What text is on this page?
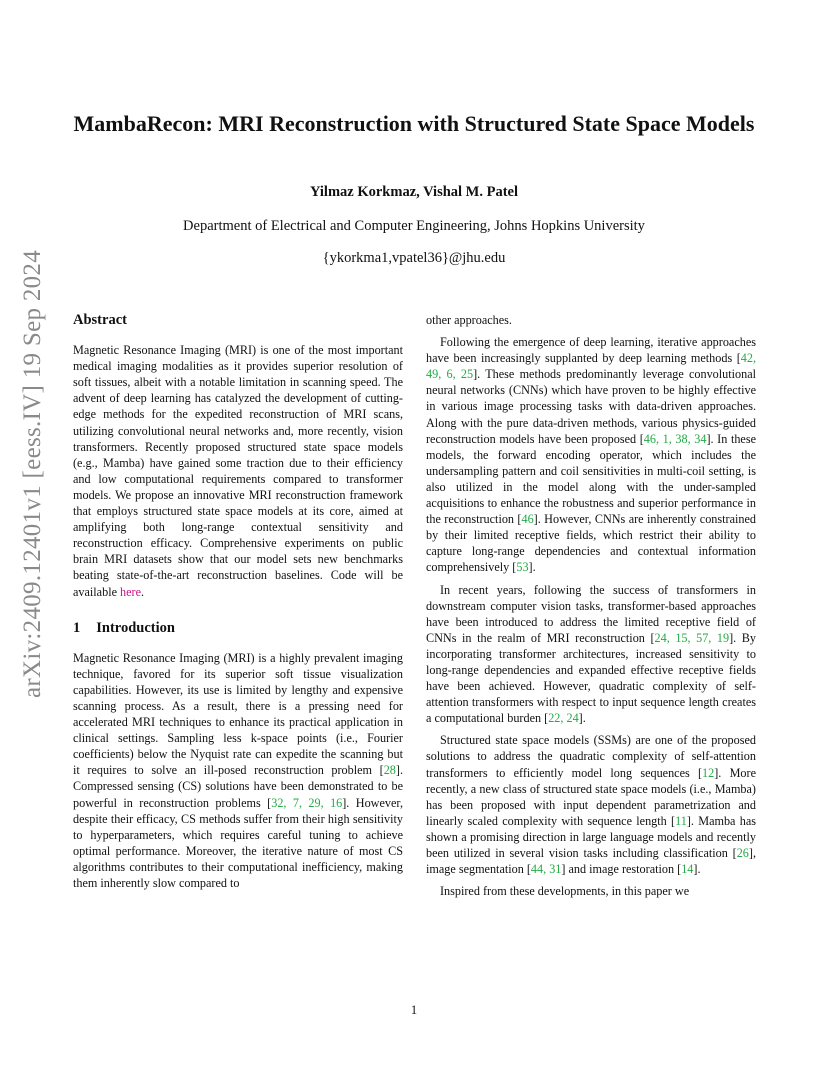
arXiv:2409.12401v1 [eess.IV] 19 Sep 2024
MambaRecon: MRI Reconstruction with Structured State Space Models
Yilmaz Korkmaz, Vishal M. Patel
Department of Electrical and Computer Engineering, Johns Hopkins University
{ykorkma1,vpatel36}@jhu.edu
Abstract

Magnetic Resonance Imaging (MRI) is one of the most important medical imaging modalities as it provides superior resolution of soft tissues, albeit with a notable limitation in scanning speed. The advent of deep learning has catalyzed the development of cutting-edge methods for the expedited reconstruction of MRI scans, utilizing convolutional neural networks and, more recently, vision transformers. Recently proposed structured state space models (e.g., Mamba) have gained some traction due to their efficiency and low computational requirements compared to transformer models. We propose an innovative MRI reconstruction framework that employs structured state space models at its core, aimed at amplifying both long-range contextual sensitivity and reconstruction efficacy. Comprehensive experiments on public brain MRI datasets show that our model sets new benchmarks beating state-of-the-art reconstruction baselines. Code will be available here.

1 Introduction

Magnetic Resonance Imaging (MRI) is a highly prevalent imaging technique, favored for its superior soft tissue visualization capabilities. However, its use is limited by lengthy and expensive scanning process. As a result, there is a pressing need for accelerated MRI techniques to enhance its practical application in clinical settings. Sampling less k-space points (i.e., Fourier coefficients) below the Nyquist rate can expedite the scanning but it requires to solve an ill-posed reconstruction problem [28]. Compressed sensing (CS) solutions have been demonstrated to be powerful in reconstruction problems [32, 7, 29, 16]. However, despite their efficacy, CS methods suffer from their high sensitivity to hyperparameters, which requires careful tuning to achieve optimal performance. Moreover, the iterative nature of most CS algorithms contributes to their computational inefficiency, making them inherently slow compared to

other approaches.

Following the emergence of deep learning, iterative approaches have been increasingly supplanted by deep learning methods [42, 49, 6, 25]. These methods predominantly leverage convolutional neural networks (CNNs) which have proven to be highly effective in various image processing tasks with data-driven approaches. Along with the pure data-driven methods, various physics-guided reconstruction models have been proposed [46, 1, 38, 34]. In these models, the forward encoding operator, which includes the undersampling pattern and coil sensitivities in multi-coil setting, is also utilized in the model along with the under-sampled acquisitions to enhance the robustness and superior performance in the reconstruction [46]. However, CNNs are inherently constrained by their limited receptive fields, which restrict their ability to capture long-range dependencies and contextual information comprehensively [53].

In recent years, following the success of transformers in downstream computer vision tasks, transformer-based approaches have been introduced to address the limited receptive field of CNNs in the realm of MRI reconstruction [24, 15, 57, 19]. By incorporating transformer architectures, increased sensitivity to long-range dependencies and expanded effective receptive fields have been achieved. However, quadratic complexity of self-attention transformers with respect to input sequence length creates a computational burden [22, 24].

Structured state space models (SSMs) are one of the proposed solutions to address the quadratic complexity of self-attention transformers to efficiently model long sequences [12]. More recently, a new class of structured state space models (i.e., Mamba) has been proposed with input dependent parametrization and linearly scaled complexity with sequence length [11]. Mamba has shown a promising direction in large language models and recently been utilized in several vision tasks including classification [26], image segmentation [44, 31] and image restoration [14].

Inspired from these developments, in this paper we

1
